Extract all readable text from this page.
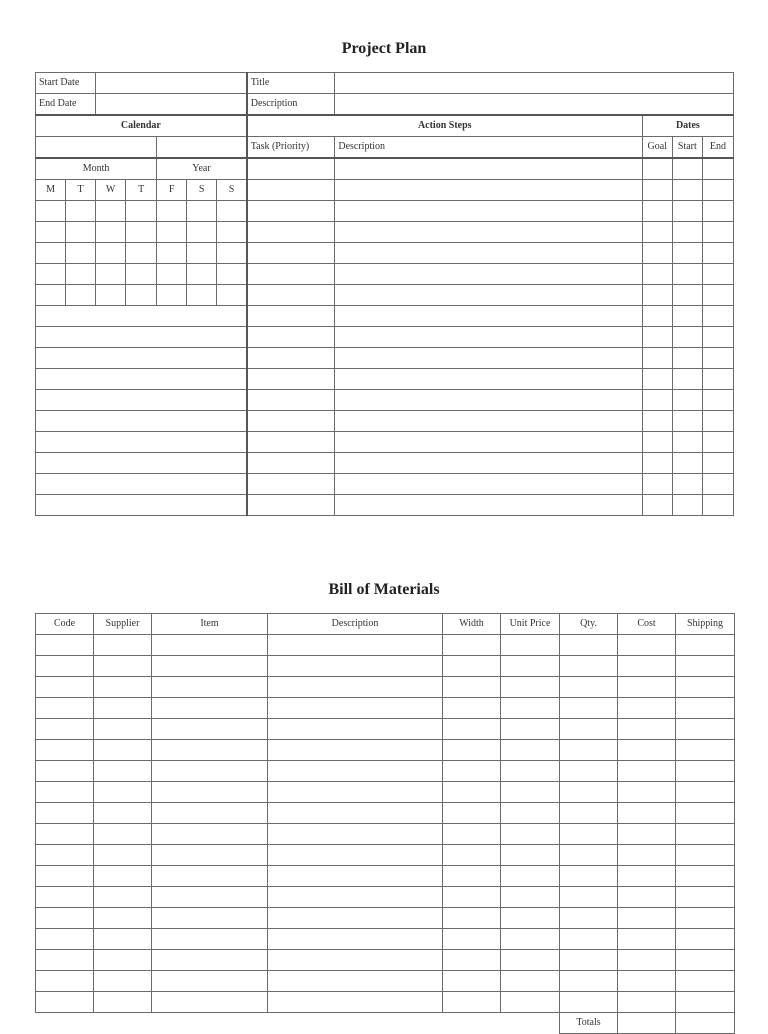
Project Plan
Start Date							Title				
End Date							Description				
Calendar							Action Steps		Dates		
							Task (Priority)	Description	Goal	Start	End
Month				Year							
M	T	W	T	F	S	S					

Bill of Materials
Code	Supplier	Item	Description	Width	Unit Price	Qty.	Cost	Shipping

						Totals		
